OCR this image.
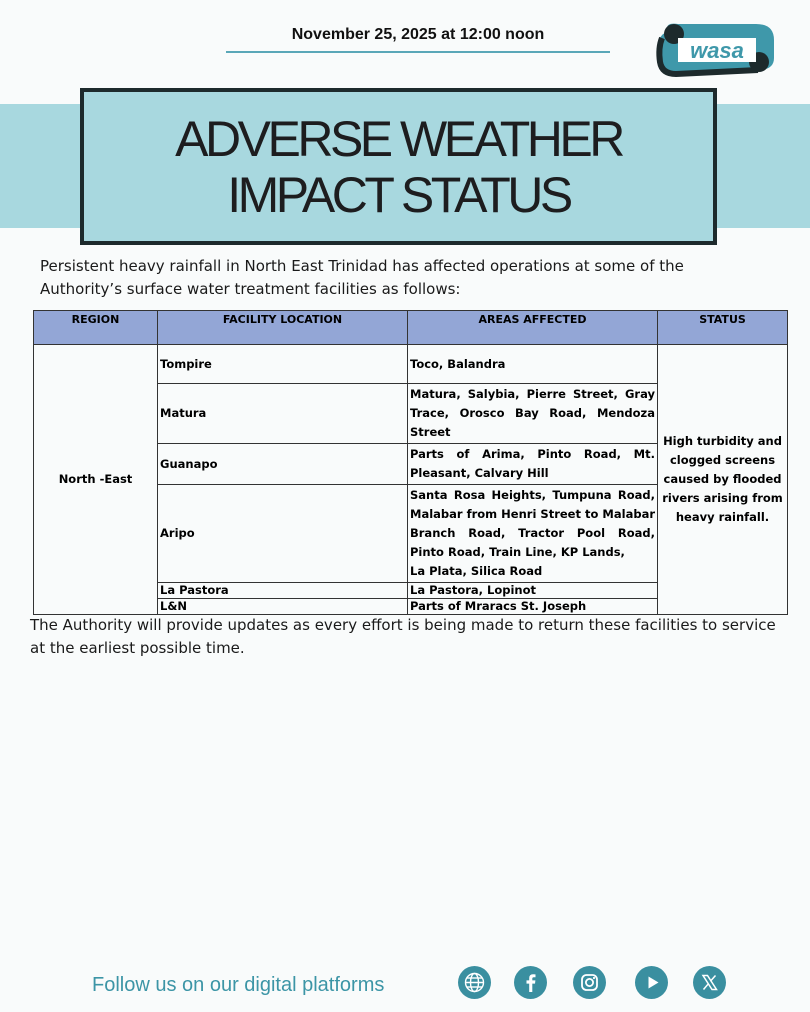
November 25, 2025 at 12:00 noon
wasa
ADVERSE WEATHER
IMPACT STATUS

Persistent heavy rainfall in North East Trinidad has affected operations at some of the Authority’s surface water treatment facilities as follows:

REGION	FACILITY LOCATION	AREAS AFFECTED	STATUS
North -East	Tompire	Toco, Balandra	High turbidity and clogged screens caused by flooded rivers arising from heavy rainfall.
	Matura	Matura, Salybia, Pierre Street, Gray Trace, Orosco Bay Road, Mendoza Street	
	Guanapo	Parts of Arima, Pinto Road, Mt. Pleasant, Calvary Hill	
	Aripo	Santa Rosa Heights, Tumpuna Road, Malabar from Henri Street to Malabar Branch Road, Tractor Pool Road, Pinto Road, Train Line, KP Lands,
La Plata, Silica Road	

	La Pastora	La Pastora, Lopinot	
	L&N	Parts of Mraracs St. Joseph	

The Authority will provide updates as every effort is being made to return these facilities to service at the earliest possible time.

Follow us on our digital platforms
